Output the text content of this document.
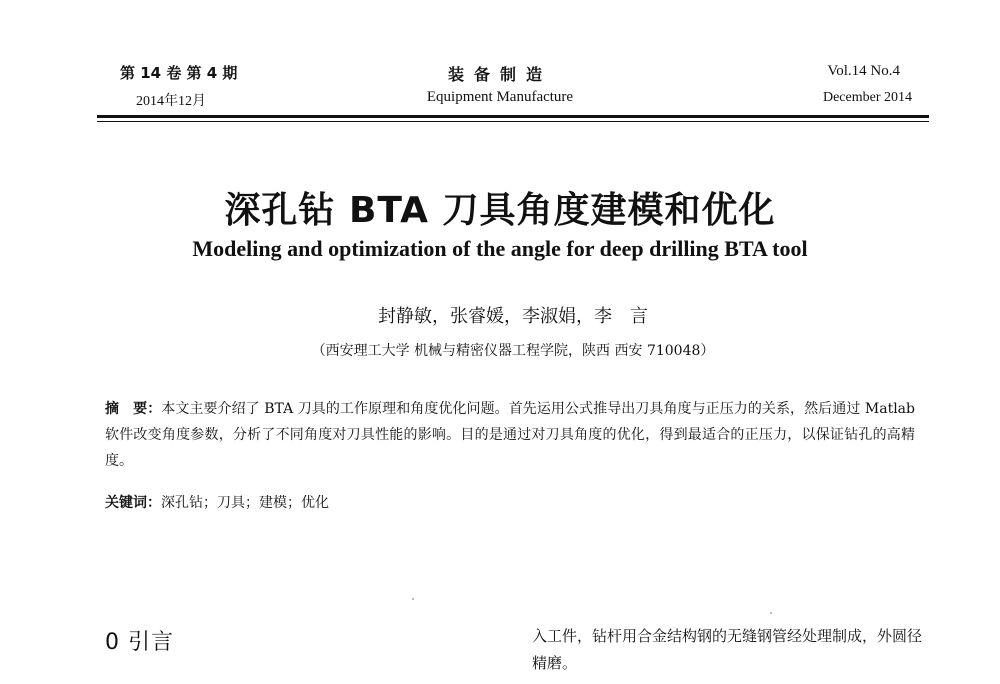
第 14 卷 第 4 期
2014年12月
装备制造
Equipment Manufacture
Vol.14 No.4
December 2014
深孔钻 BTA 刀具角度建模和优化
Modeling and optimization of the angle for deep drilling BTA tool
封静敏，张睿媛，李淑娟，李　言
（西安理工大学 机械与精密仪器工程学院，陕西 西安 710048）
摘　要：本文主要介绍了 BTA 刀具的工作原理和角度优化问题。首先运用公式推导出刀具角度与正压力的关系，然后通过 Matlab 软件改变角度参数，分析了不同角度对刀具性能的影响。目的是通过对刀具角度的优化，得到最适合的正压力，以保证钻孔的高精度。
关键词：深孔钻；刀具；建模；优化
0 引言	入工件，钻杆用合金结构钢的无缝钢管经处理制成，外圆径精磨。
